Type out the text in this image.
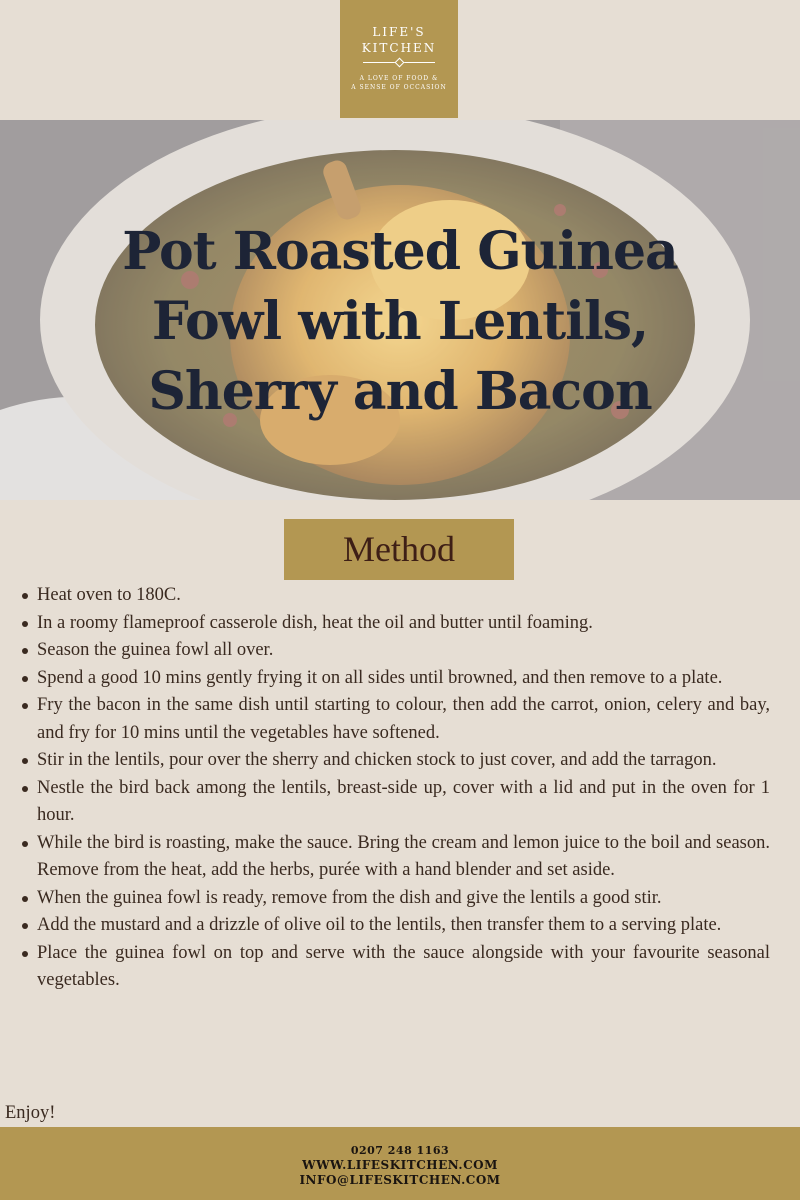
LIFE'S
KITCHEN
A LOVE OF FOOD &
A SENSE OF OCCASION
Pot Roasted Guinea Fowl with Lentils, Sherry and Bacon
Method
Heat oven to 180C.
In a roomy flameproof casserole dish, heat the oil and butter until foaming.
Season the guinea fowl all over.
Spend a good 10 mins gently frying it on all sides until browned, and then remove to a plate.
Fry the bacon in the same dish until starting to colour, then add the carrot, onion, celery and bay, and fry for 10 mins until the vegetables have softened.
Stir in the lentils, pour over the sherry and chicken stock to just cover, and add the tarragon.
Nestle the bird back among the lentils, breast-side up, cover with a lid and put in the oven for 1 hour.
While the bird is roasting, make the sauce. Bring the cream and lemon juice to the boil and season. Remove from the heat, add the herbs, purée with a hand blender and set aside.
When the guinea fowl is ready, remove from the dish and give the lentils a good stir.
Add the mustard and a drizzle of olive oil to the lentils, then transfer them to a serving plate.
Place the guinea fowl on top and serve with the sauce alongside with your favourite seasonal vegetables.
Enjoy!
0207 248 1163
WWW.LIFESKITCHEN.COM
INFO@LIFESKITCHEN.COM
